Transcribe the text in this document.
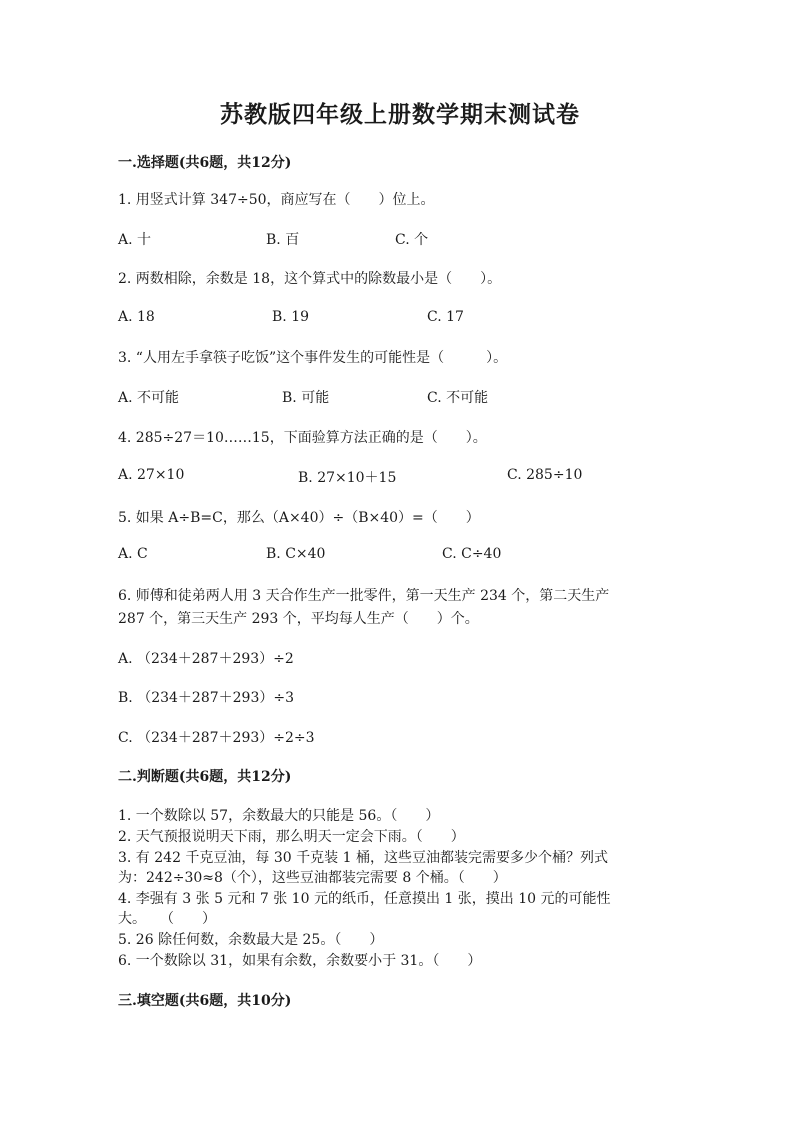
苏教版四年级上册数学期末测试卷
一.选择题(共6题，共12分)
1. 用竖式计算 347÷50，商应写在（　　）位上。
A. 十	B. 百	C. 个
2. 两数相除，余数是 18，这个算式中的除数最小是（　　）。
A. 18	B. 19	C. 17
3. “人用左手拿筷子吃饭”这个事件发生的可能性是（　　　）。
A. 不可能	B. 可能	C. 不可能
4. 285÷27＝10……15，下面验算方法正确的是（　　）。
A. 27×10	B. 27×10＋15	C. 285÷10
5. 如果 A÷B=C，那么（A×40）÷（B×40）=（　　）
A. C	B. C×40	C. C÷40
6. 师傅和徒弟两人用 3 天合作生产一批零件，第一天生产 234 个，第二天生产
287 个，第三天生产 293 个，平均每人生产（　　）个。
A. （234＋287＋293）÷2
B. （234＋287＋293）÷3
C. （234＋287＋293）÷2÷3
二.判断题(共6题，共12分)
1. 一个数除以 57，余数最大的只能是 56。（　　）
2. 天气预报说明天下雨，那么明天一定会下雨。（　　）
3. 有 242 千克豆油，每 30 千克装 1 桶，这些豆油都装完需要多少个桶？列式
为：242÷30≈8（个），这些豆油都装完需要 8 个桶。（　　）
4. 李强有 3 张 5 元和 7 张 10 元的纸币，任意摸出 1 张，摸出 10 元的可能性
大。　　（　　）
5. 26 除任何数，余数最大是 25。（　　）
6. 一个数除以 31，如果有余数，余数要小于 31。（　　）
三.填空题(共6题，共10分)
